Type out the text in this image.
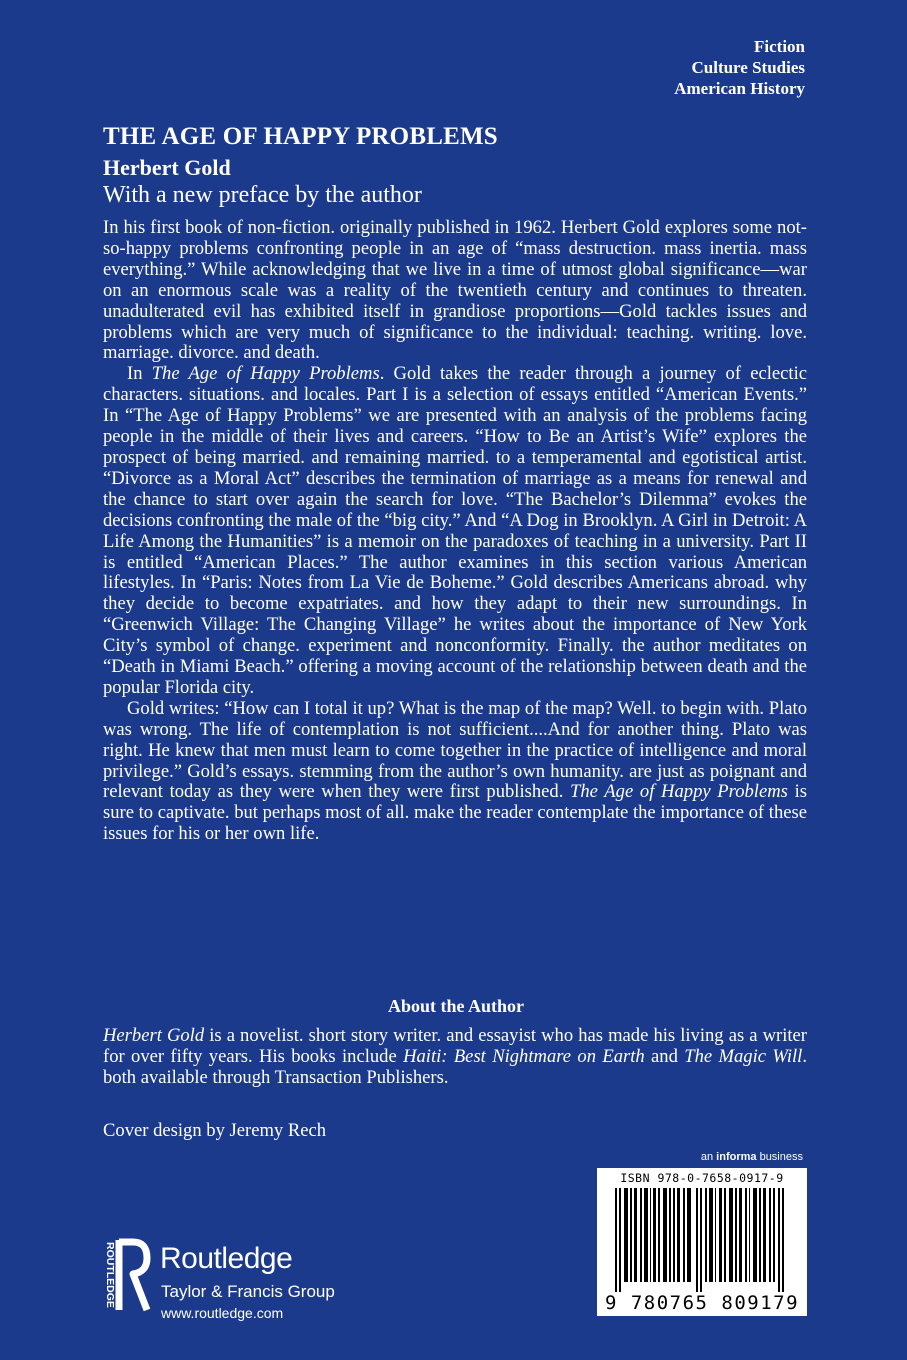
Fiction
Culture Studies
American History
THE AGE OF HAPPY PROBLEMS
Herbert Gold
With a new preface by the author

In his first book of non-fiction. originally published in 1962. Herbert Gold explores some not-so-happy problems confronting people in an age of “mass destruction. mass inertia. mass everything.” While acknowledging that we live in a time of utmost global significance—war on an enormous scale was a reality of the twentieth century and continues to threaten. unadulterated evil has exhibited itself in grandiose proportions—Gold tackles issues and problems which are very much of significance to the individual: teaching. writing. love. marriage. divorce. and death.

In The Age of Happy Problems. Gold takes the reader through a journey of eclectic characters. situations. and locales. Part I is a selection of essays entitled “American Events.” In “The Age of Happy Problems” we are presented with an analysis of the problems facing people in the middle of their lives and careers. “How to Be an Artist’s Wife” explores the prospect of being married. and remaining married. to a temperamental and egotistical artist. “Divorce as a Moral Act” describes the termination of marriage as a means for renewal and the chance to start over again the search for love. “The Bachelor’s Dilemma” evokes the decisions confronting the male of the “big city.” And “A Dog in Brooklyn. A Girl in Detroit: A Life Among the Humanities” is a memoir on the paradoxes of teaching in a university. Part II is entitled “American Places.” The author examines in this section various American lifestyles. In “Paris: Notes from La Vie de Boheme.” Gold describes Americans abroad. why they decide to become expatriates. and how they adapt to their new surroundings. In “Greenwich Village: The Changing Village” he writes about the importance of New York City’s symbol of change. experiment and nonconformity. Finally. the author meditates on “Death in Miami Beach.” offering a moving account of the relationship between death and the popular Florida city.

Gold writes: “How can I total it up? What is the map of the map? Well. to begin with. Plato was wrong. The life of contemplation is not sufficient....And for another thing. Plato was right. He knew that men must learn to come together in the practice of intelligence and moral privilege.” Gold’s essays. stemming from the author’s own humanity. are just as poignant and relevant today as they were when they were first published. The Age of Happy Problems is sure to captivate. but perhaps most of all. make the reader contemplate the importance of these issues for his or her own life.

About the Author
Herbert Gold is a novelist. short story writer. and essayist who has made his living as a writer for over fifty years. His books include Haiti: Best Nightmare on Earth and The Magic Will. both available through Transaction Publishers.
Cover design by Jeremy Rech
an informa business
ISBN 978-0-7658-0917-9
9 780765 809179
ROUTLEDGE Routledge
Taylor & Francis Group
www.routledge.com
